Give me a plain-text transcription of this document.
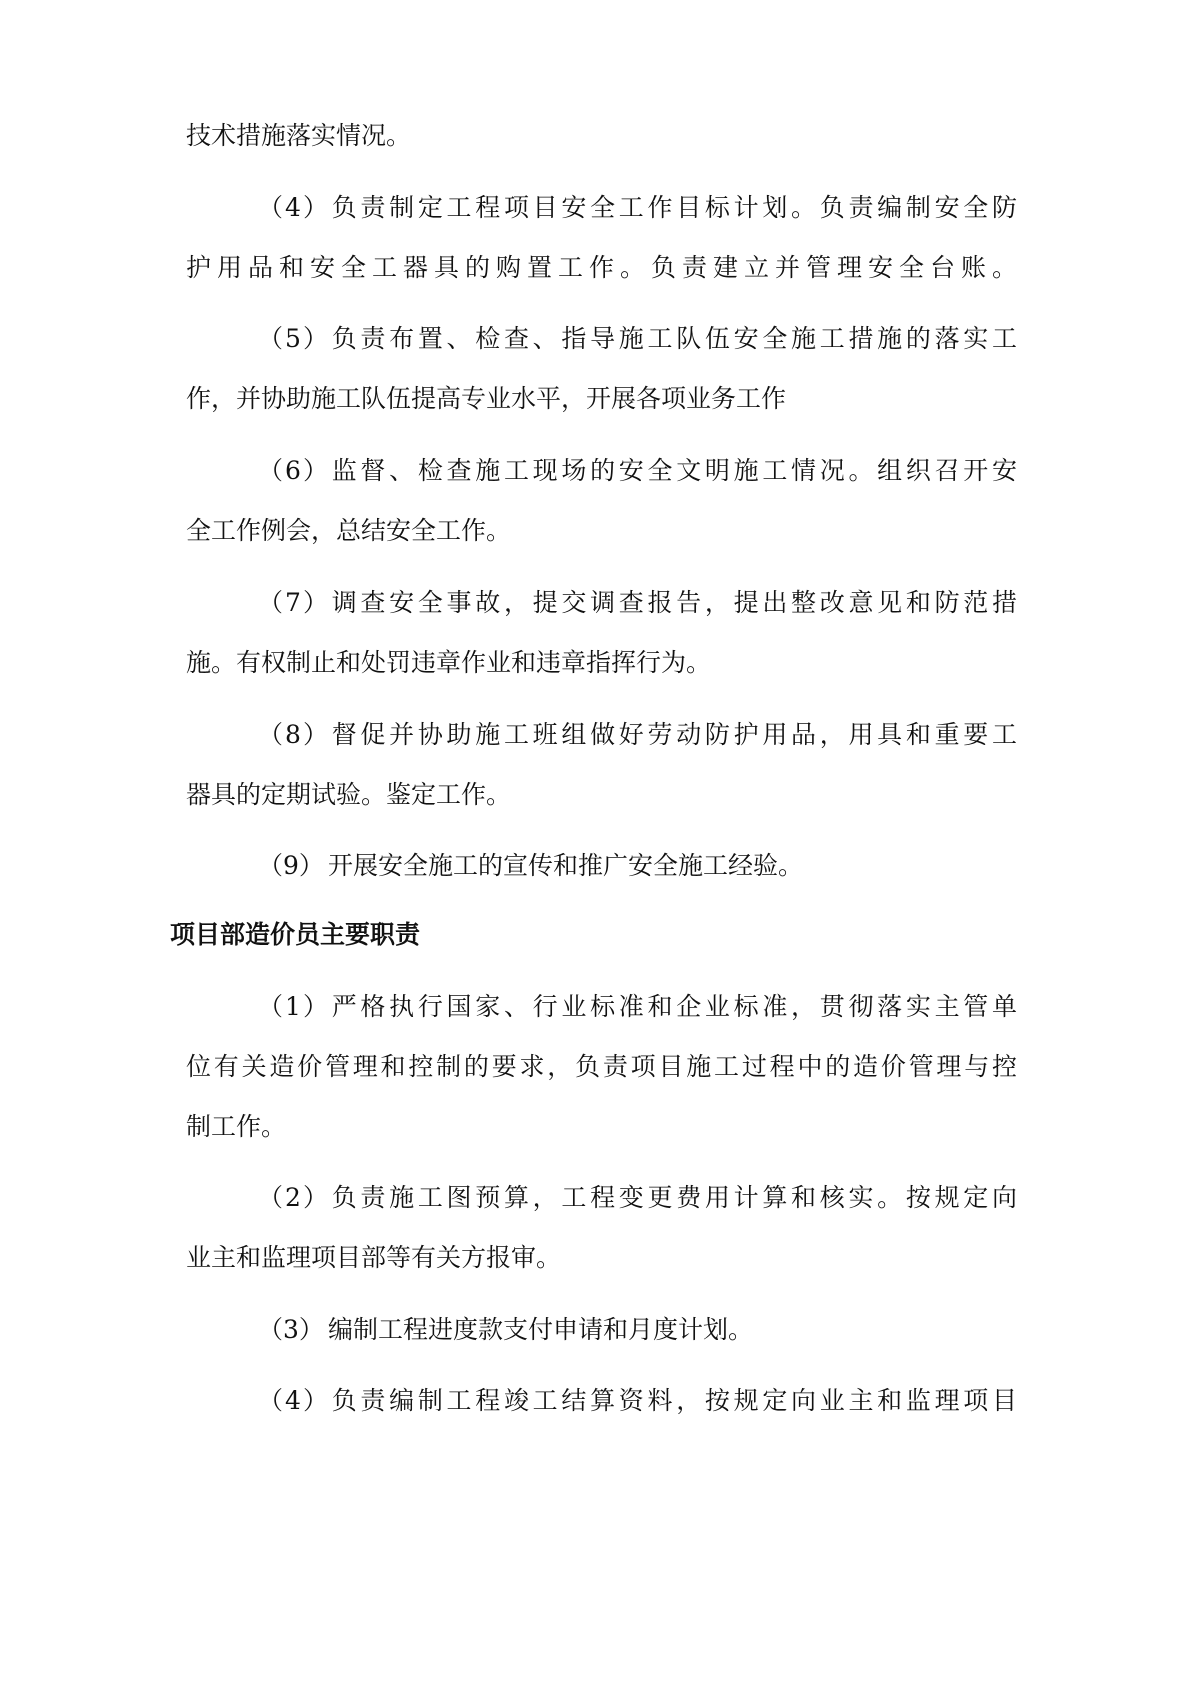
技术措施落实情况。
（4）负责制定工程项目安全工作目标计划。负责编制安全防
护用品和安全工器具的购置工作。负责建立并管理安全台账。
（5）负责布置、检查、指导施工队伍安全施工措施的落实工
作，并协助施工队伍提高专业水平，开展各项业务工作
（6）监督、检查施工现场的安全文明施工情况。组织召开安
全工作例会，总结安全工作。
（7）调查安全事故，提交调查报告，提出整改意见和防范措
施。有权制止和处罚违章作业和违章指挥行为。
（8）督促并协助施工班组做好劳动防护用品，用具和重要工
器具的定期试验。鉴定工作。
（9） 开展安全施工的宣传和推广安全施工经验。
项目部造价员主要职责
（1）严格执行国家、行业标准和企业标准，贯彻落实主管单
位有关造价管理和控制的要求，负责项目施工过程中的造价管理与控
制工作。
（2）负责施工图预算，工程变更费用计算和核实。按规定向
业主和监理项目部等有关方报审。
（3） 编制工程进度款支付申请和月度计划。
（4）负责编制工程竣工结算资料，按规定向业主和监理项目
